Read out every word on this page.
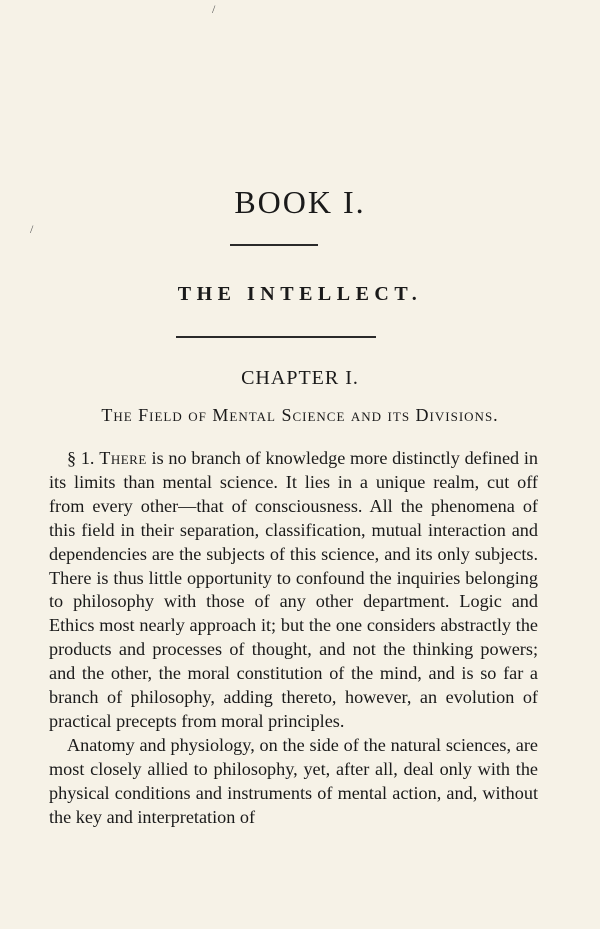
/
/
BOOK I.
THE INTELLECT.
CHAPTER I.
The Field of Mental Science and its Divisions.

§ 1. There is no branch of knowledge more distinctly defined in its limits than mental science. It lies in a unique realm, cut off from every other—that of consciousness. All the phenomena of this field in their separation, classification, mutual interaction and dependencies are the subjects of this science, and its only subjects. There is thus little opportunity to confound the inquiries belonging to philosophy with those of any other department. Logic and Ethics most nearly approach it; but the one considers abstractly the products and processes of thought, and not the thinking powers; and the other, the moral constitution of the mind, and is so far a branch of philosophy, adding thereto, however, an evolution of practical precepts from moral principles.

Anatomy and physiology, on the side of the natural sciences, are most closely allied to philosophy, yet, after all, deal only with the physical conditions and instruments of mental action, and, without the key and interpretation of
